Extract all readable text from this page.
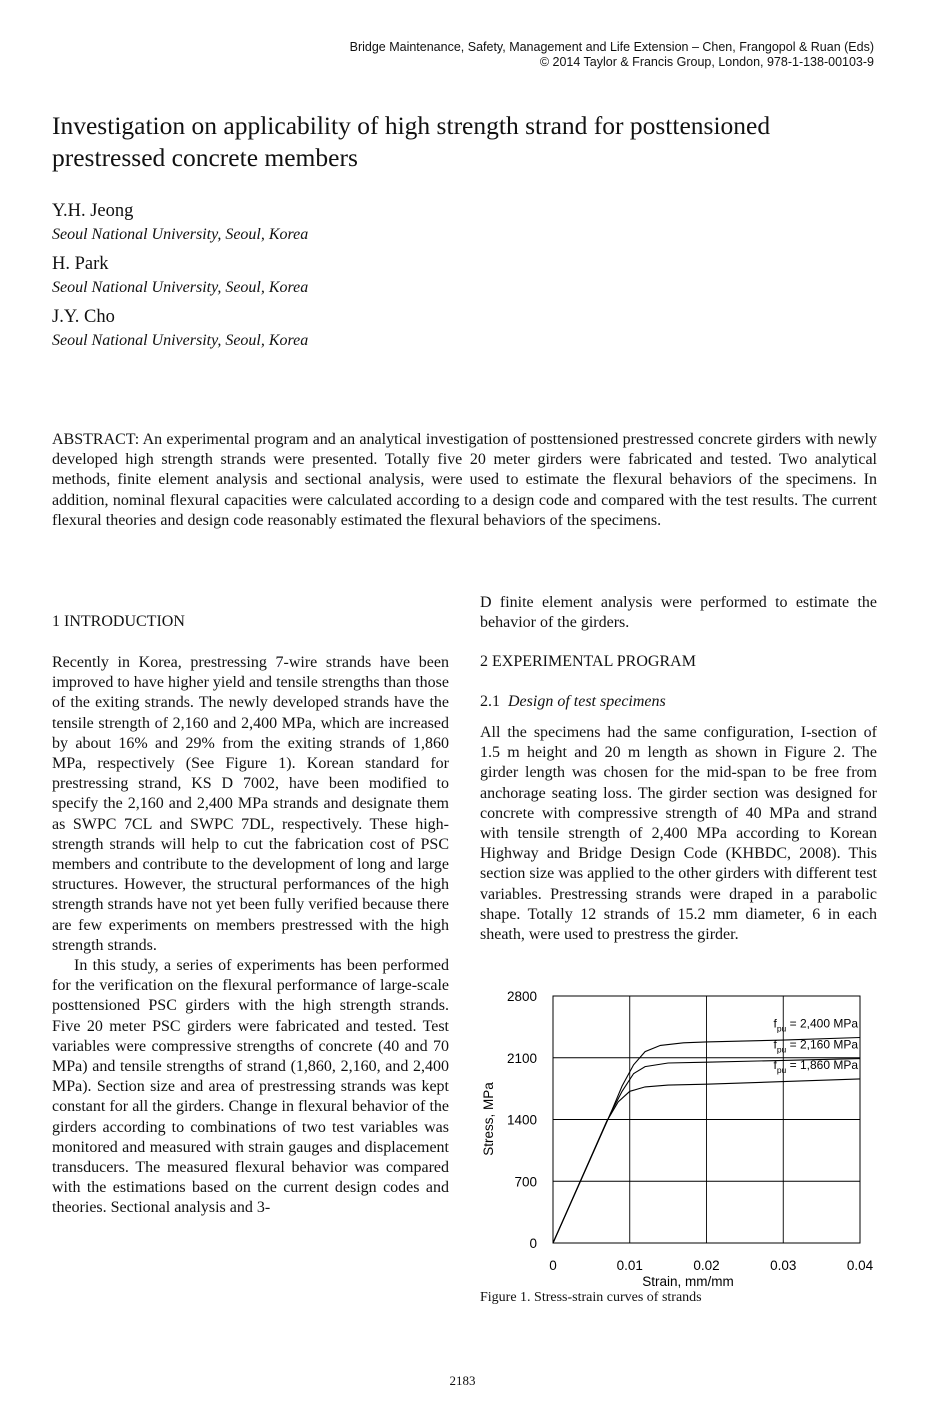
Bridge Maintenance, Safety, Management and Life Extension – Chen, Frangopol & Ruan (Eds)
© 2014 Taylor & Francis Group, London, 978-1-138-00103-9
Investigation on applicability of high strength strand for posttensioned prestressed concrete members
Y.H. Jeong
Seoul National University, Seoul, Korea
H. Park
Seoul National University, Seoul, Korea
J.Y. Cho
Seoul National University, Seoul, Korea
ABSTRACT: An experimental program and an analytical investigation of posttensioned prestressed concrete girders with newly developed high strength strands were presented. Totally five 20 meter girders were fabricated and tested. Two analytical methods, finite element analysis and sectional analysis, were used to estimate the flexural behaviors of the specimens. In addition, nominal flexural capacities were calculated according to a design code and compared with the test results. The current flexural theories and design code reasonably estimated the flexural behaviors of the specimens.
1 INTRODUCTION

Recently in Korea, prestressing 7-wire strands have been improved to have higher yield and tensile strengths than those of the exiting strands. The newly developed strands have the tensile strength of 2,160 and 2,400 MPa, which are increased by about 16% and 29% from the exiting strands of 1,860 MPa, respectively (See Figure 1). Korean standard for prestressing strand, KS D 7002, have been modified to specify the 2,160 and 2,400 MPa strands and designate them as SWPC 7CL and SWPC 7DL, respectively. These high-strength strands will help to cut the fabrication cost of PSC members and contribute to the development of long and large structures. However, the structural performances of the high strength strands have not yet been fully verified because there are few experiments on members prestressed with the high strength strands.

In this study, a series of experiments has been performed for the verification on the flexural performance of large-scale posttensioned PSC girders with the high strength strands. Five 20 meter PSC girders were fabricated and tested. Test variables were compressive strengths of concrete (40 and 70 MPa) and tensile strengths of strand (1,860, 2,160, and 2,400 MPa). Section size and area of prestressing strands was kept constant for all the girders. Change in flexural behavior of the girders according to combinations of two test variables was monitored and measured with strain gauges and displacement transducers. The measured flexural behavior was compared with the estimations based on the current design codes and theories. Sectional analysis and 3-

D finite element analysis were performed to estimate the behavior of the girders.

2 EXPERIMENTAL PROGRAM
2.1 Design of test specimens
All the specimens had the same configuration, I-section of 1.5 m height and 20 m length as shown in Figure 2. The girder length was chosen for the mid-span to be free from anchorage seating loss. The girder section was designed for concrete with compressive strength of 40 MPa and strand with tensile strength of 2,400 MPa according to Korean Highway and Bridge Design Code (KHBDC, 2008). This section size was applied to the other girders with different test variables. Prestressing strands were draped in a parabolic shape. Totally 12 strands of 15.2 mm diameter, 6 in each sheath, were used to prestress the girder.
0	0.01	0.02	0.03	0.04
0
700
1400
2100
2800
$f_{pu} = 2,400$ MPa
$f_{pu} = 2,160$ MPa
$f_{pu} = 1,860$ MPa
Strain, mm/mm
Stress, MPa
Figure 1. Stress-strain curves of strands
2183
